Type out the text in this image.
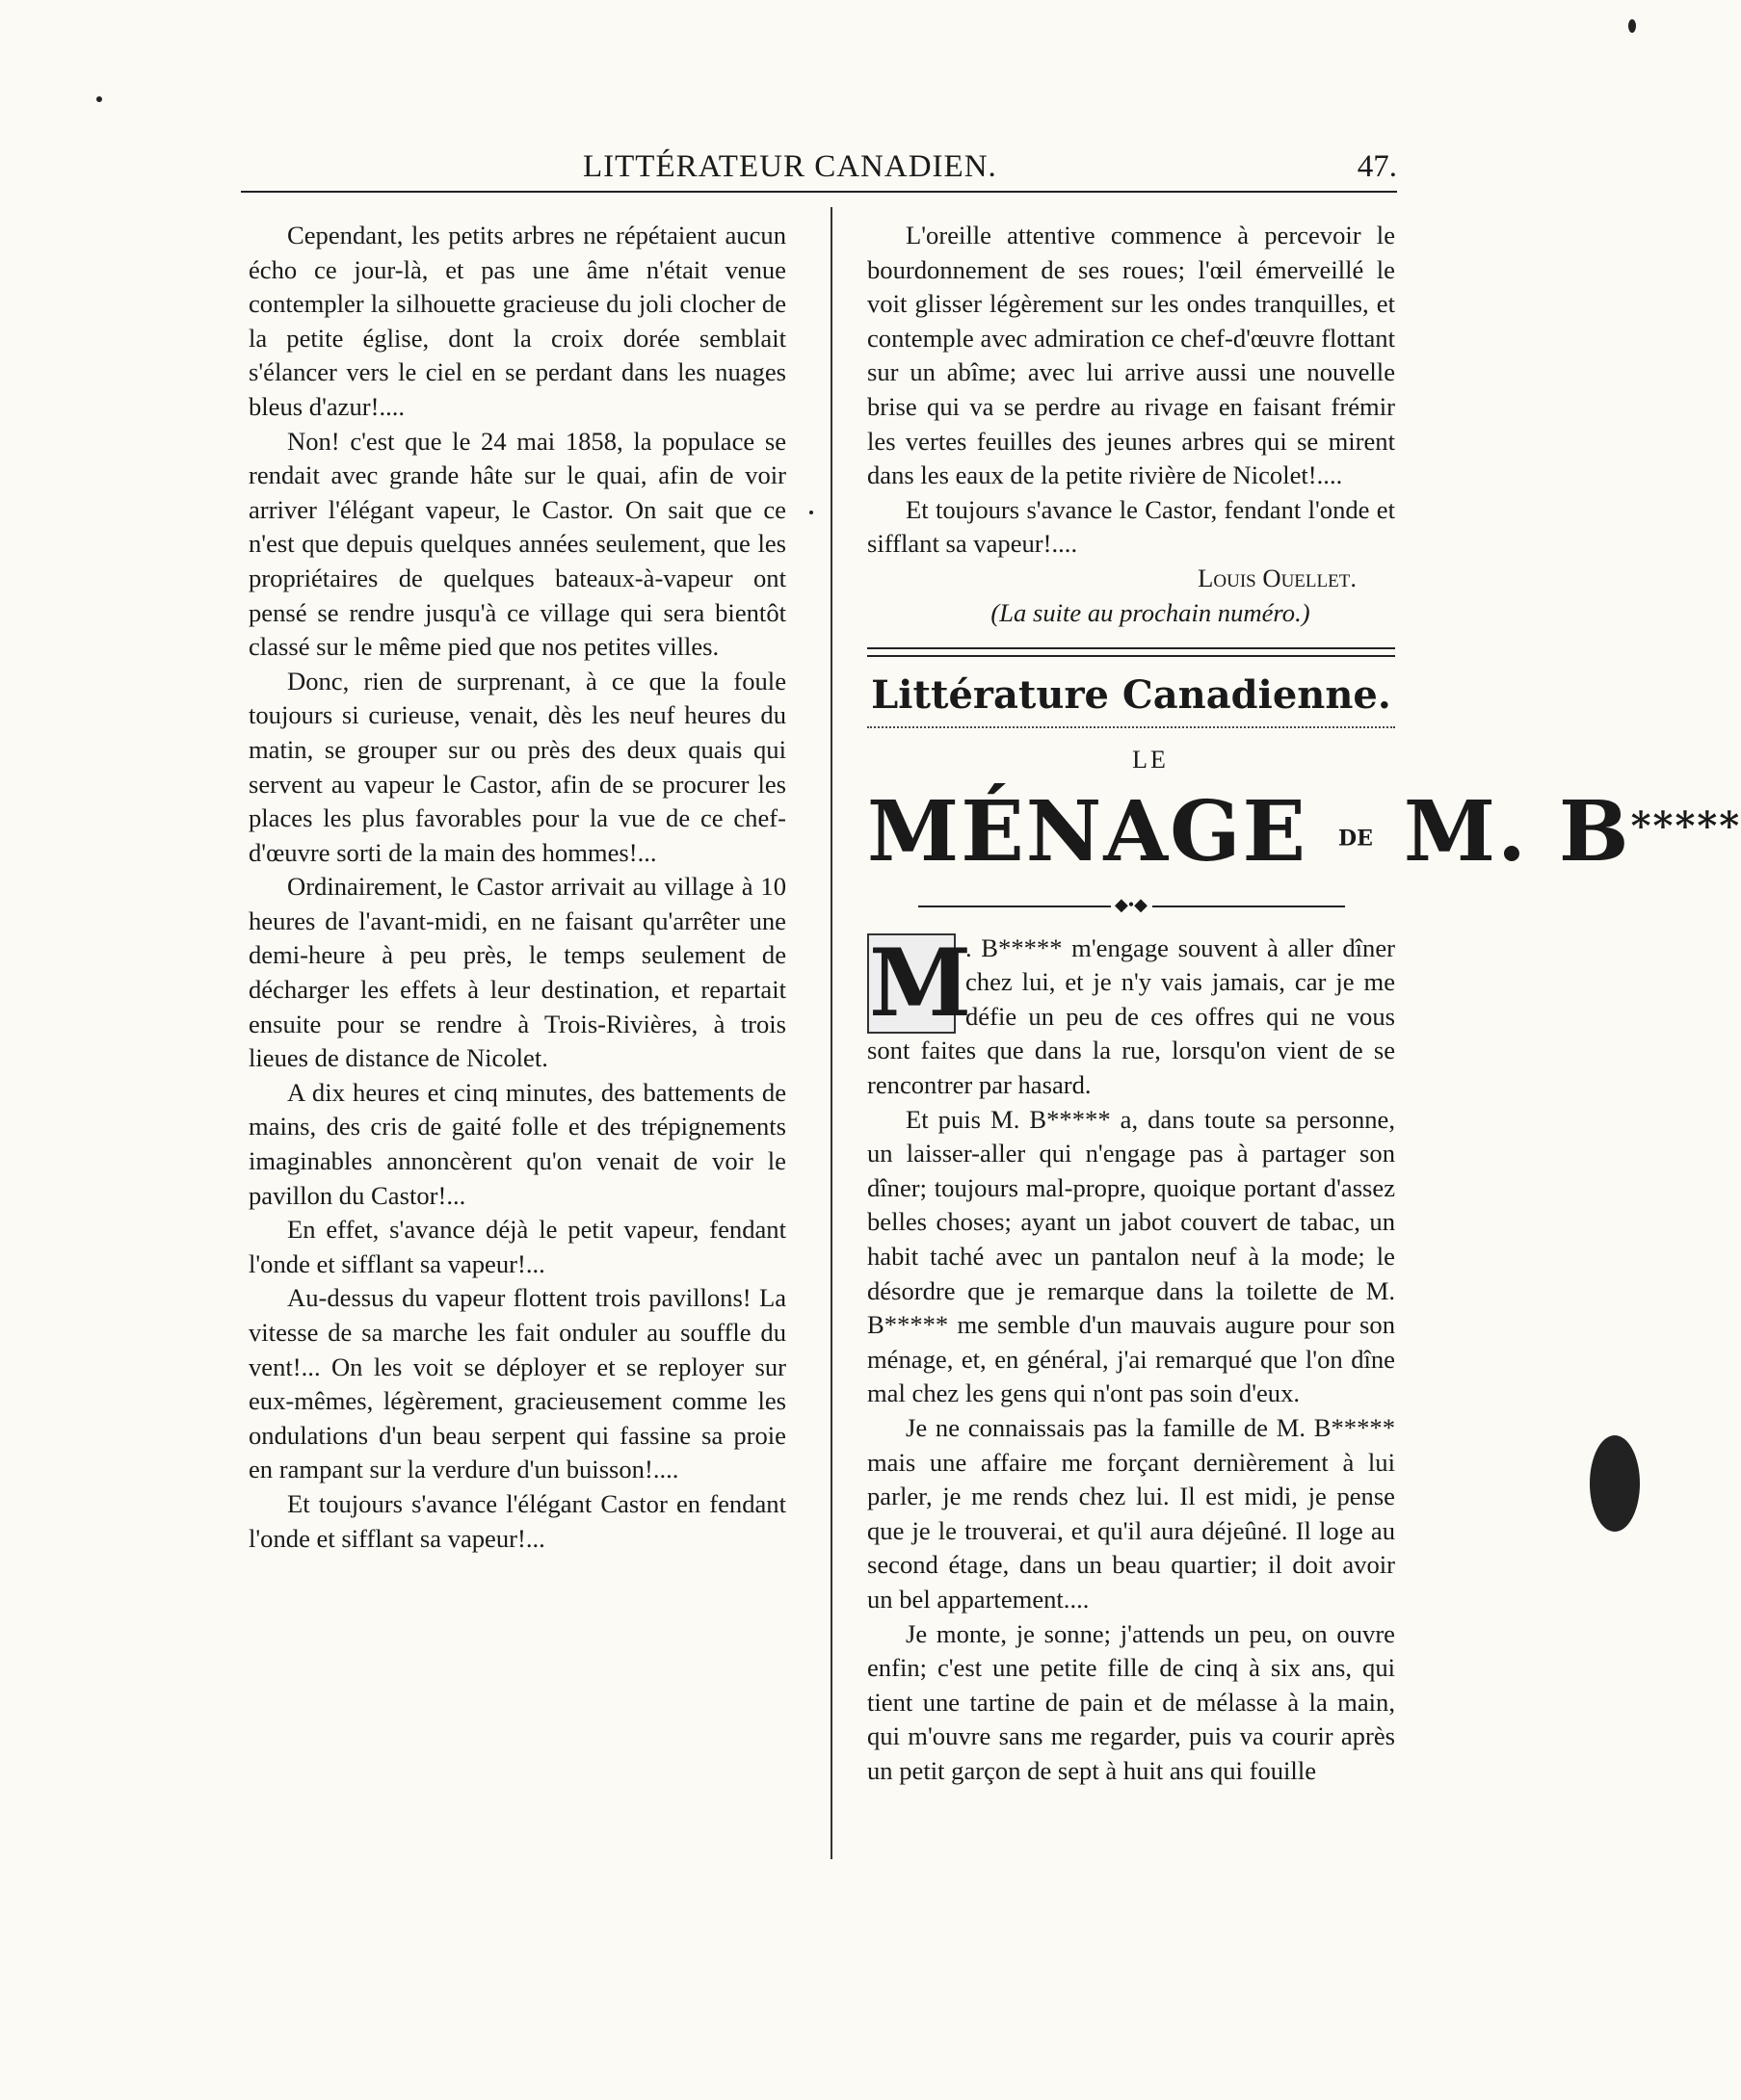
LITTÉRATEUR CANADIEN.	47.

Cependant, les petits arbres ne répétaient aucun écho ce jour-là, et pas une âme n'était venue contempler la silhouette gracieuse du joli clocher de la petite église, dont la croix dorée semblait s'élancer vers le ciel en se perdant dans les nuages bleus d'azur!....

Non! c'est que le 24 mai 1858, la populace se rendait avec grande hâte sur le quai, afin de voir arriver l'élégant vapeur, le Castor. On sait que ce n'est que depuis quelques années seulement, que les propriétaires de quelques bateaux-à-vapeur ont pensé se rendre jusqu'à ce village qui sera bientôt classé sur le même pied que nos petites villes.

Donc, rien de surprenant, à ce que la foule toujours si curieuse, venait, dès les neuf heures du matin, se grouper sur ou près des deux quais qui servent au vapeur le Castor, afin de se procurer les places les plus favorables pour la vue de ce chef-d'œuvre sorti de la main des hommes!...

Ordinairement, le Castor arrivait au village à 10 heures de l'avant-midi, en ne faisant qu'arrêter une demi-heure à peu près, le temps seulement de décharger les effets à leur destination, et repartait ensuite pour se rendre à Trois-Rivières, à trois lieues de distance de Nicolet.

A dix heures et cinq minutes, des battements de mains, des cris de gaité folle et des trépignements imaginables annoncèrent qu'on venait de voir le pavillon du Castor!...

En effet, s'avance déjà le petit vapeur, fendant l'onde et sifflant sa vapeur!...

Au-dessus du vapeur flottent trois pavillons! La vitesse de sa marche les fait onduler au souffle du vent!... On les voit se déployer et se reployer sur eux-mêmes, légèrement, gracieusement comme les ondulations d'un beau serpent qui fassine sa proie en rampant sur la verdure d'un buisson!....

Et toujours s'avance l'élégant Castor en fendant l'onde et sifflant sa vapeur!...

L'oreille attentive commence à percevoir le bourdonnement de ses roues; l'œil émerveillé le voit glisser légèrement sur les ondes tranquilles, et contemple avec admiration ce chef-d'œuvre flottant sur un abîme; avec lui arrive aussi une nouvelle brise qui va se perdre au rivage en faisant frémir les vertes feuilles des jeunes arbres qui se mirent dans les eaux de la petite rivière de Nicolet!....

Et toujours s'avance le Castor, fendant l'onde et sifflant sa vapeur!....

Louis Ouellet.

(La suite au prochain numéro.)

Littérature Canadienne.

LE

MÉNAGE DE M. B*****
◆•◆
M

. B***** m'engage souvent à aller dîner chez lui, et je n'y vais jamais, car je me défie un peu de ces offres qui ne vous sont faites que dans la rue, lorsqu'on vient de se rencontrer par hasard.

Et puis M. B***** a, dans toute sa personne, un laisser-aller qui n'engage pas à partager son dîner; toujours mal-propre, quoique portant d'assez belles choses; ayant un jabot couvert de tabac, un habit taché avec un pantalon neuf à la mode; le désordre que je remarque dans la toilette de M. B***** me semble d'un mauvais augure pour son ménage, et, en général, j'ai remarqué que l'on dîne mal chez les gens qui n'ont pas soin d'eux.

Je ne connaissais pas la famille de M. B***** mais une affaire me forçant dernièrement à lui parler, je me rends chez lui. Il est midi, je pense que je le trouverai, et qu'il aura déjeûné. Il loge au second étage, dans un beau quartier; il doit avoir un bel appartement....

Je monte, je sonne; j'attends un peu, on ouvre enfin; c'est une petite fille de cinq à six ans, qui tient une tartine de pain et de mélasse à la main, qui m'ouvre sans me regarder, puis va courir après un petit garçon de sept à huit ans qui fouille
